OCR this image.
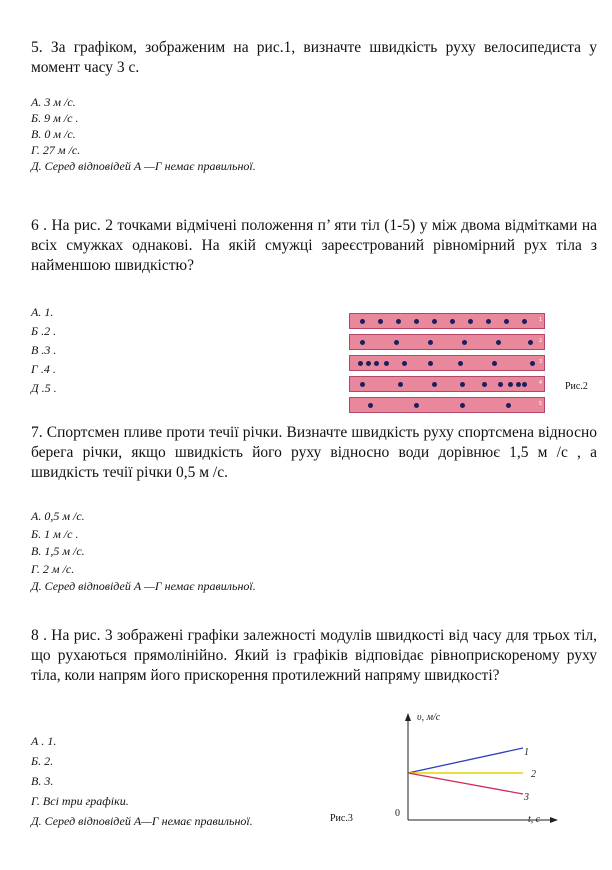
5. За графіком, зображеним на рис.1, визначте швидкість руху велосипедиста у момент часу 3 с.
А. 3 м /с.
Б. 9 м /с .
В. 0 м /с.
Г. 27 м /с.
Д. Серед відповідей А —Г немає правильної.
6 . На рис. 2 точками відмічені положення п’ яти тіл (1-5) у між двома відмітками на всіх смужках однакові. На якій смужці зареєстрований рівномірний рух тіла з найменшою швидкістю?
А. 1.
Б .2 .
В .3 .
Г .4 .
Д .5 .
1
2
3
4
5
Рис.2
7. Спортсмен пливе проти течії річки. Визначте швидкість руху спортсмена відносно берега річки, якщо швидкість його руху відносно води дорівнює 1,5 м /с , а швидкість течії річки 0,5 м /с.
А. 0,5 м /с.
Б. 1 м /с .
В. 1,5 м /с.
Г. 2 м /с.
Д. Серед відповідей А —Г немає правильної.
8 . На рис. 3 зображені графіки залежності модулів швидкості від часу для трьох тіл, що рухаються прямолінійно. Який із графіків відповідає рівноприскореному руху тіла, коли напрям його прискорення протилежний напряму швидкості?
А . 1.
Б. 2.
В. 3.
Г. Всі три графіки.
Д. Серед відповідей А—Г немає правильної.	Рис.3
υ, м/с
t, с
0
1
2
3
